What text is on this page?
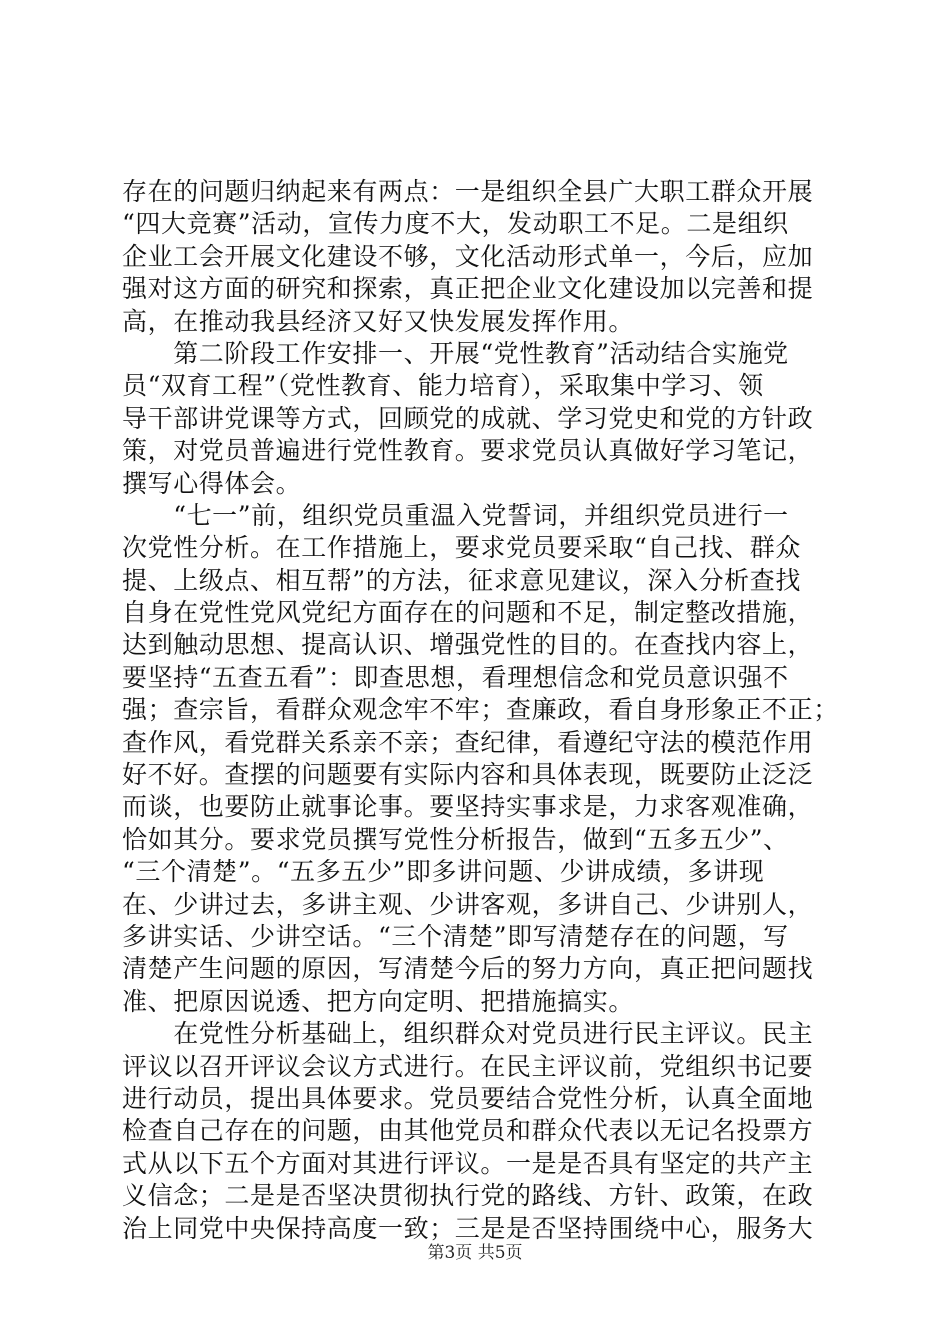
存在的问题归纳起来有两点：一是组织全县广大职工群众开展
“四大竞赛”活动，宣传力度不大，发动职工不足。二是组织
企业工会开展文化建设不够，文化活动形式单一，今后，应加
强对这方面的研究和探索，真正把企业文化建设加以完善和提
高，在推动我县经济又好又快发展发挥作用。
　　第二阶段工作安排一、开展“党性教育”活动结合实施党
员“双育工程”（党性教育、能力培育），采取集中学习、领
导干部讲党课等方式，回顾党的成就、学习党史和党的方针政
策，对党员普遍进行党性教育。要求党员认真做好学习笔记，
撰写心得体会。
　　“七一”前，组织党员重温入党誓词，并组织党员进行一
次党性分析。在工作措施上，要求党员要采取“自己找、群众
提、上级点、相互帮”的方法，征求意见建议，深入分析查找
自身在党性党风党纪方面存在的问题和不足，制定整改措施，
达到触动思想、提高认识、增强党性的目的。在查找内容上，
要坚持“五查五看”：即查思想，看理想信念和党员意识强不
强；查宗旨，看群众观念牢不牢；查廉政，看自身形象正不正；
查作风，看党群关系亲不亲；查纪律，看遵纪守法的模范作用
好不好。查摆的问题要有实际内容和具体表现，既要防止泛泛
而谈，也要防止就事论事。要坚持实事求是，力求客观准确，
恰如其分。要求党员撰写党性分析报告，做到“五多五少”、
“三个清楚”。“五多五少”即多讲问题、少讲成绩，多讲现
在、少讲过去，多讲主观、少讲客观，多讲自己、少讲别人，
多讲实话、少讲空话。“三个清楚”即写清楚存在的问题，写
清楚产生问题的原因，写清楚今后的努力方向，真正把问题找
准、把原因说透、把方向定明、把措施搞实。
　　在党性分析基础上，组织群众对党员进行民主评议。民主
评议以召开评议会议方式进行。在民主评议前，党组织书记要
进行动员，提出具体要求。党员要结合党性分析，认真全面地
检查自己存在的问题，由其他党员和群众代表以无记名投票方
式从以下五个方面对其进行评议。一是是否具有坚定的共产主
义信念；二是是否坚决贯彻执行党的路线、方针、政策，在政
治上同党中央保持高度一致；三是是否坚持围绕中心，服务大
第3页 共5页
